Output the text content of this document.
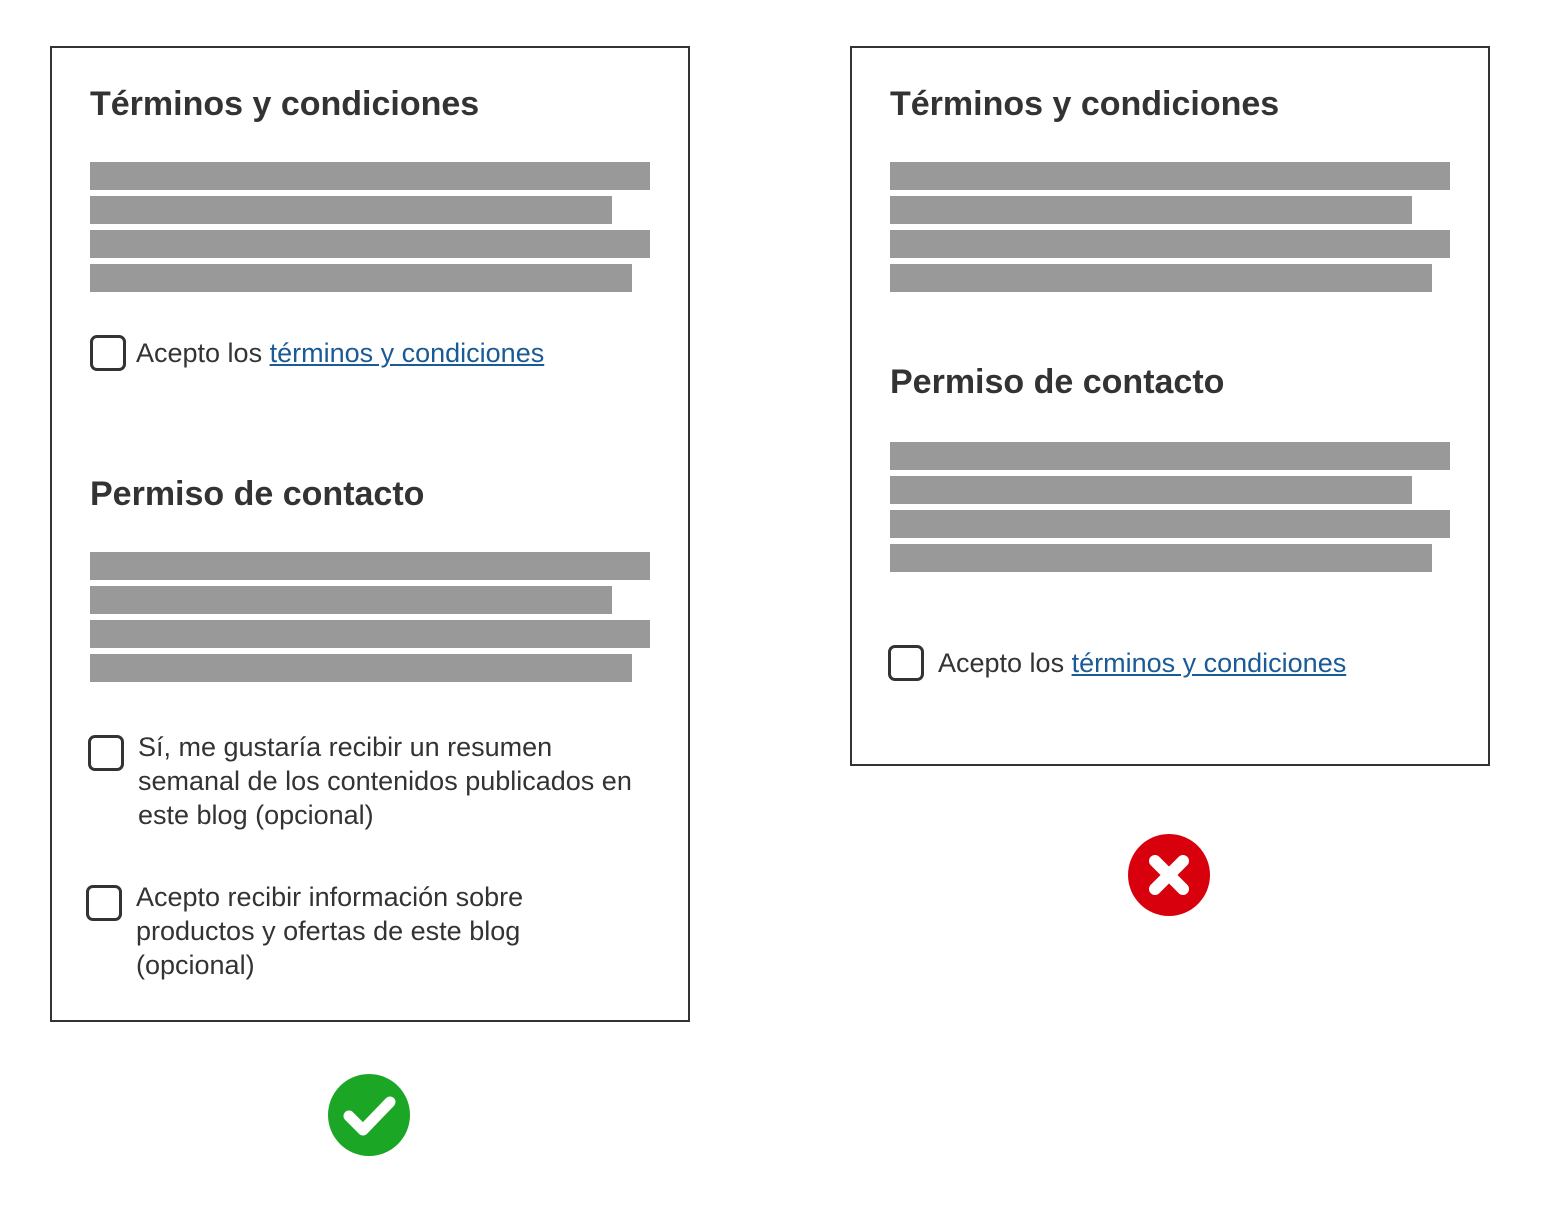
Términos y condiciones
Acepto los términos y condiciones
Permiso de contacto
Sí, me gustaría recibir un resumen
semanal de los contenidos publicados en
este blog (opcional)
Acepto recibir información sobre
productos y ofertas de este blog
(opcional)
Términos y condiciones
Permiso de contacto
Acepto los términos y condiciones
